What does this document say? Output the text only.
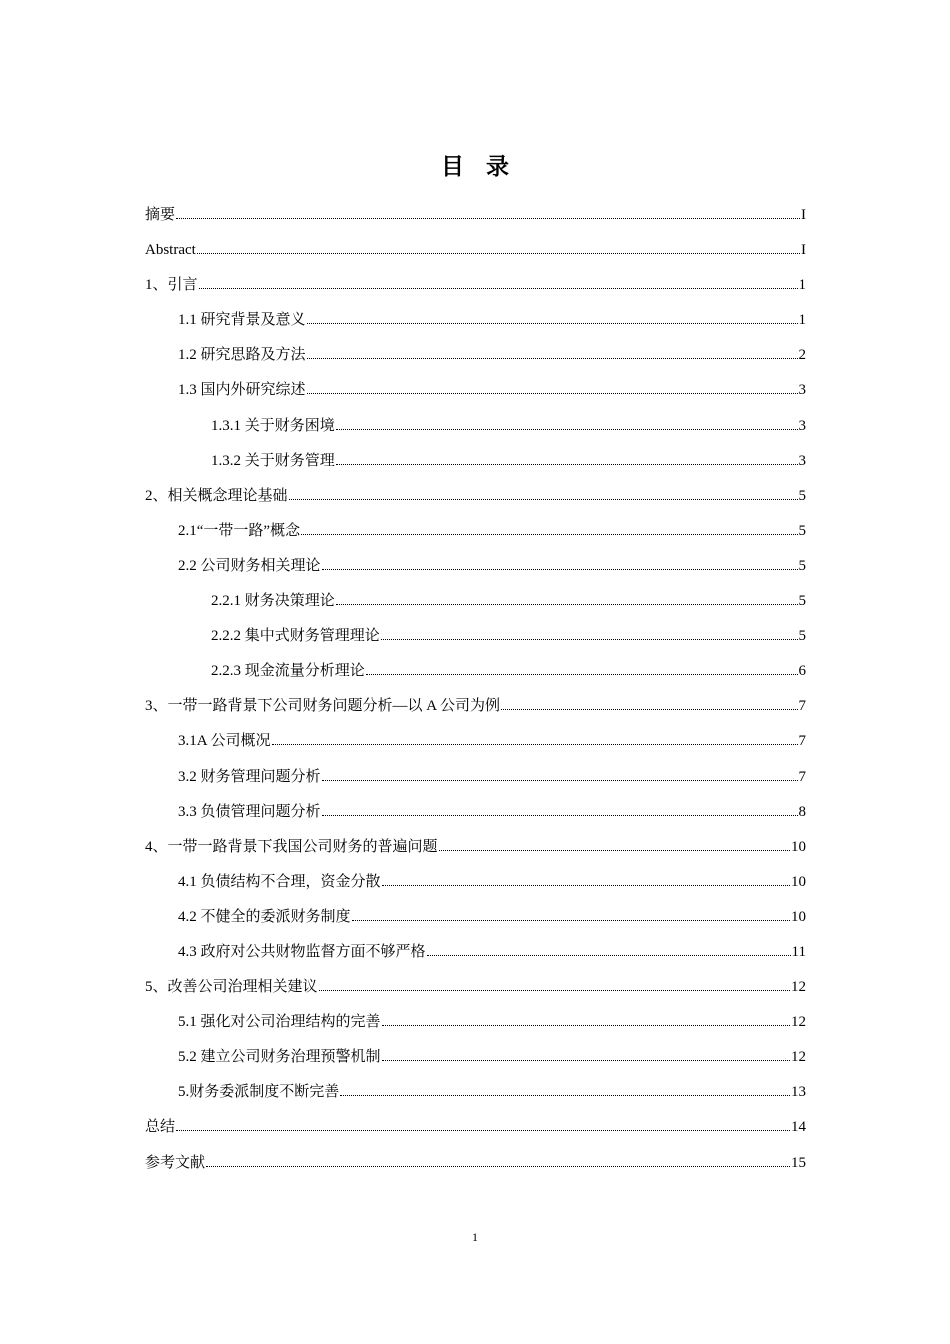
目录
摘要	I
Abstract	I
1、引言	1
1.1 研究背景及意义	1
1.2 研究思路及方法	2
1.3 国内外研究综述	3
1.3.1 关于财务困境	3
1.3.2 关于财务管理	3
2、相关概念理论基础	5
2.1“一带一路”概念	5
2.2 公司财务相关理论	5
2.2.1 财务决策理论	5
2.2.2 集中式财务管理理论	5
2.2.3 现金流量分析理论	6
3、一带一路背景下公司财务问题分析—以 A 公司为例	7
3.1A 公司概况	7
3.2 财务管理问题分析	7
3.3 负债管理问题分析	8
4、一带一路背景下我国公司财务的普遍问题	10
4.1 负债结构不合理，资金分散	10
4.2 不健全的委派财务制度	10
4.3 政府对公共财物监督方面不够严格	11
5、改善公司治理相关建议	12
5.1 强化对公司治理结构的完善	12
5.2 建立公司财务治理预警机制	12
5.财务委派制度不断完善	13
总结	14
参考文献	15
1
